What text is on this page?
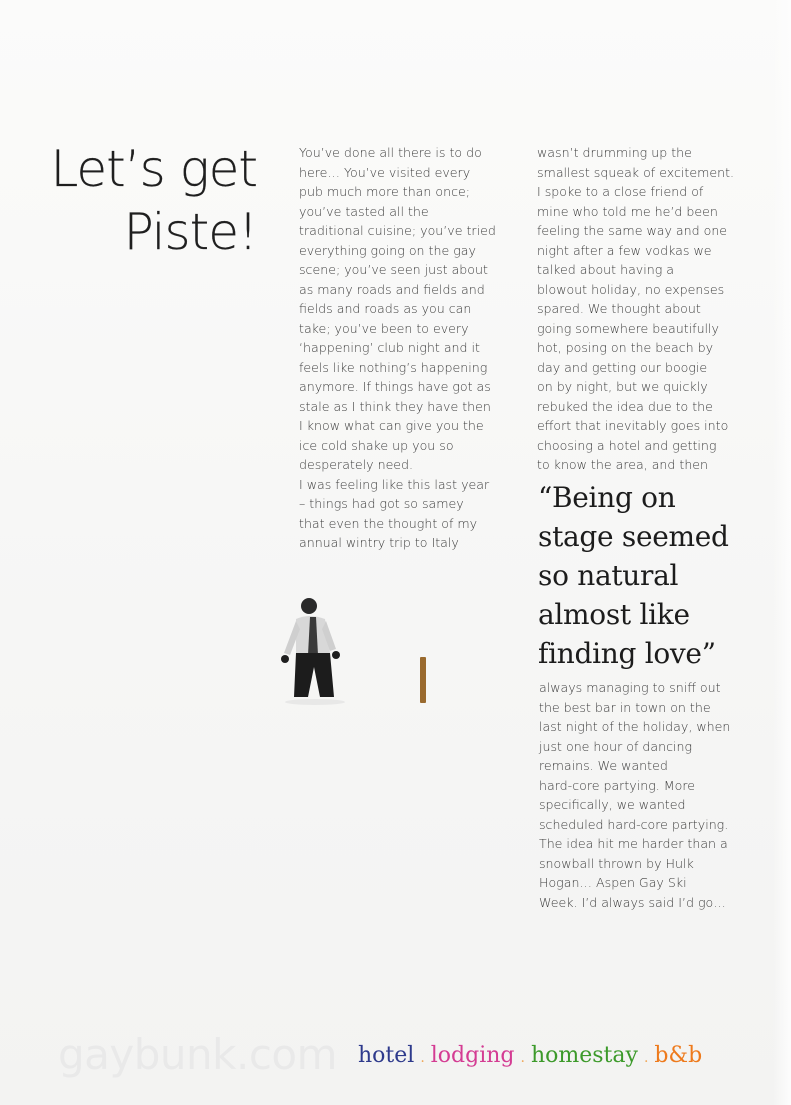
Let’s get
Piste!

You’ve done all there is to do
here… You’ve visited every
pub much more than once;
you’ve tasted all the
traditional cuisine; you’ve tried
everything going on the gay
scene; you’ve seen just about
as many roads and fields and
fields and roads as you can
take; you’ve been to every
‘happening’ club night and it
feels like nothing’s happening
anymore. If things have got as
stale as I think they have then
I know what can give you the
ice cold shake up you so
desperately need.
I was feeling like this last year
– things had got so samey
that even the thought of my
annual wintry trip to Italy

wasn’t drumming up the
smallest squeak of excitement.
I spoke to a close friend of
mine who told me he’d been
feeling the same way and one
night after a few vodkas we
talked about having a
blowout holiday, no expenses
spared. We thought about
going somewhere beautifully
hot, posing on the beach by
day and getting our boogie
on by night, but we quickly
rebuked the idea due to the
effort that inevitably goes into
choosing a hotel and getting
to know the area, and then

“Being on
stage seemed
so natural
almost like
finding love”

always managing to sniff out
the best bar in town on the
last night of the holiday, when
just one hour of dancing
remains. We wanted
hard-core partying. More
specifically, we wanted
scheduled hard-core partying.
The idea hit me harder than a
snowball thrown by Hulk
Hogan… Aspen Gay Ski
Week. I’d always said I’d go…

gaybunk.com hotel . lodging . homestay . b&b
